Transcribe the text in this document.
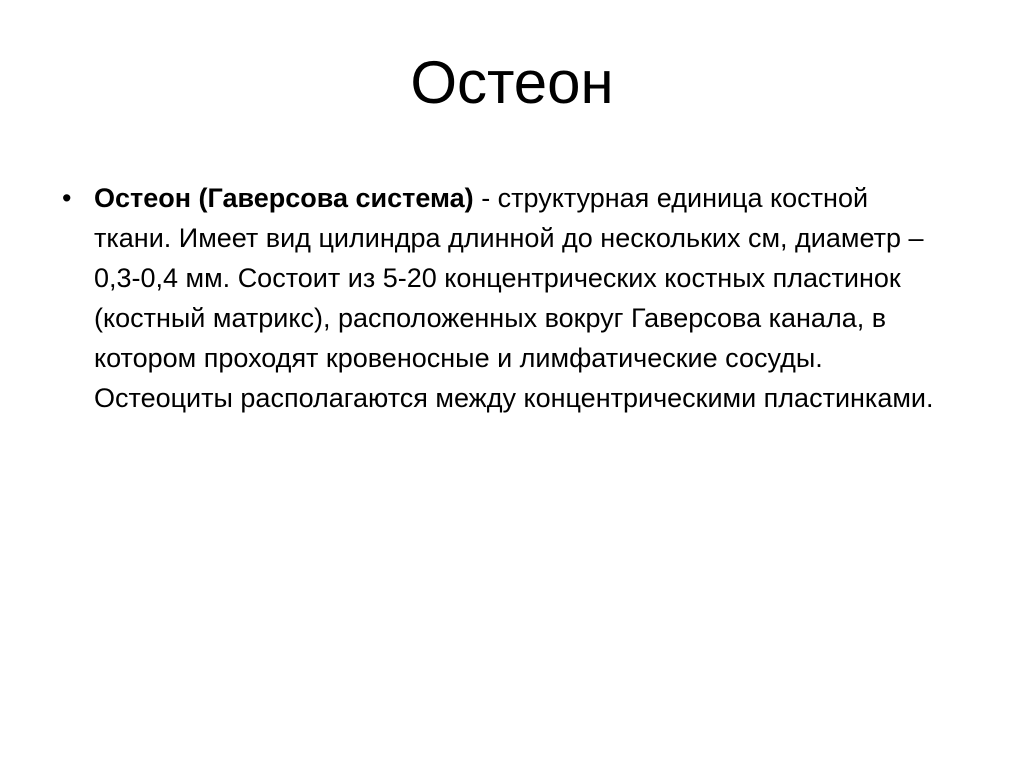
Остеон
• Остеон (Гаверсова система) - структурная единица костной ткани. Имеет вид цилиндра длинной до нескольких см, диаметр – 0,3-0,4 мм. Состоит из 5-20 концентрических костных пластинок (костный матрикс), расположенных вокруг Гаверсова канала, в котором проходят кровеносные и лимфатические сосуды. Остеоциты располагаются между концентрическими пластинками.
